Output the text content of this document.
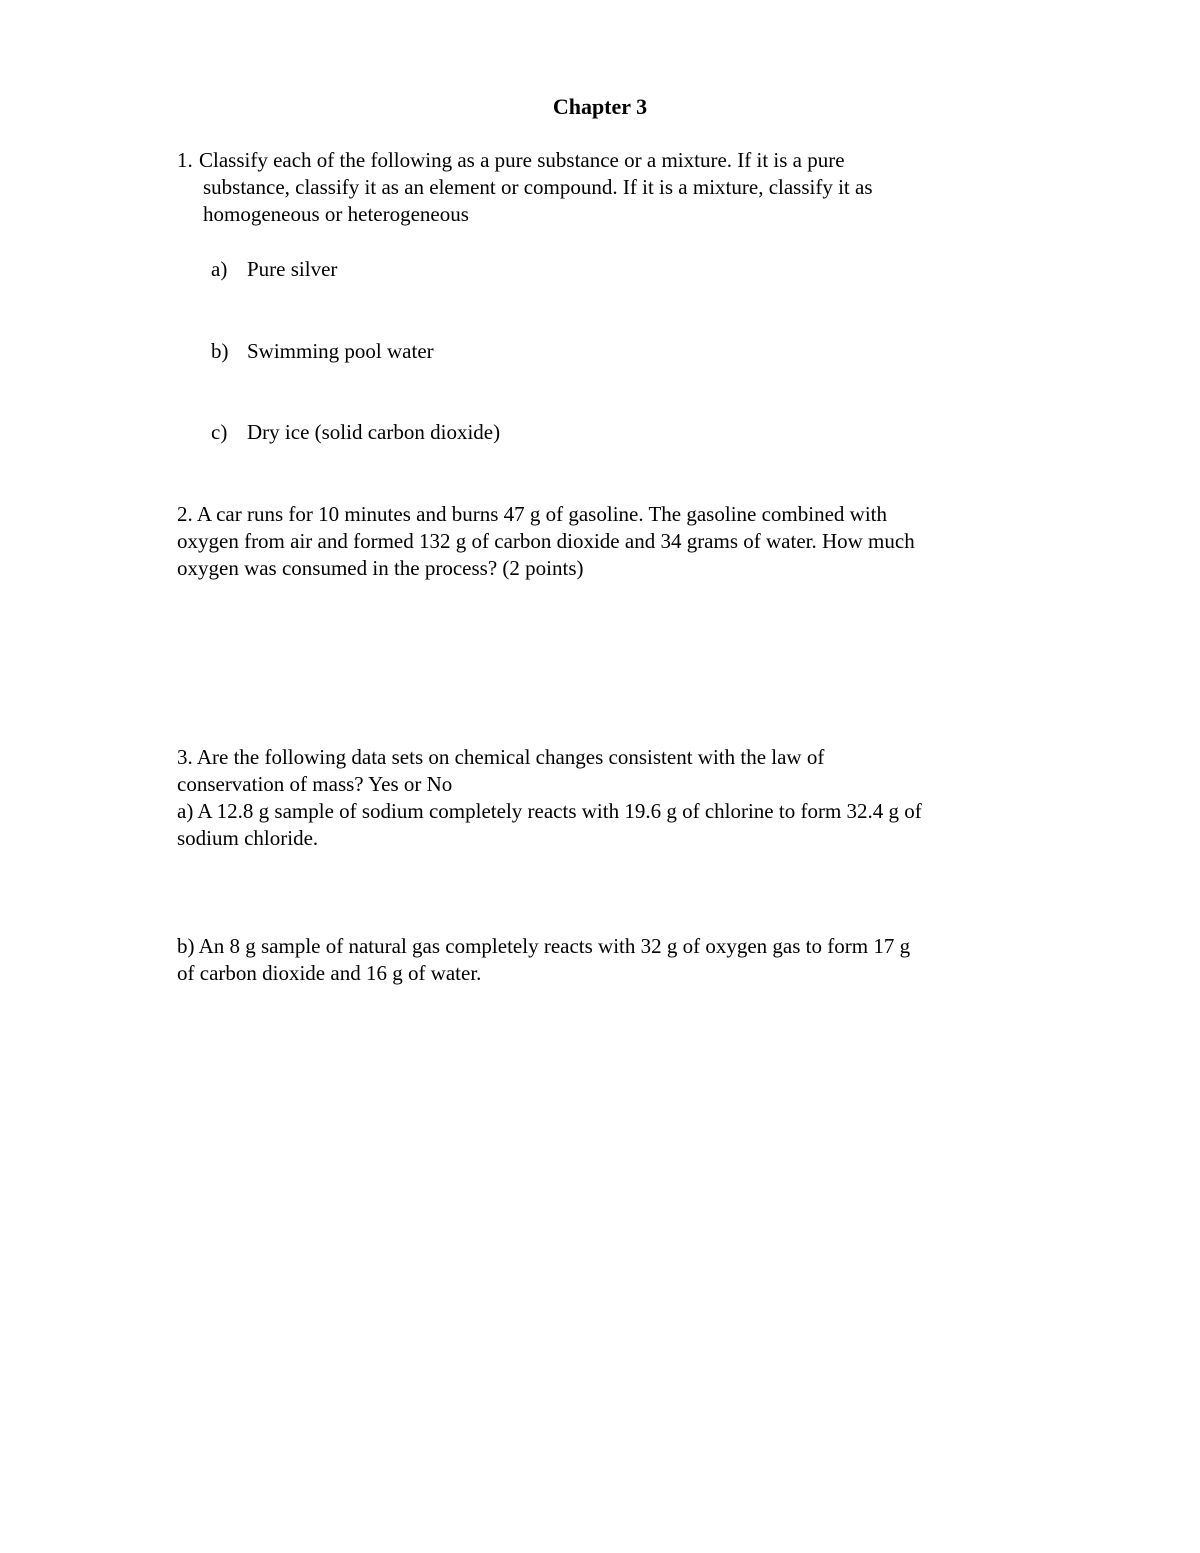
Chapter 3
1. Classify each of the following as a pure substance or a mixture. If it is a pure
substance, classify it as an element or compound. If it is a mixture, classify it as
homogeneous or heterogeneous
a) Pure silver
b) Swimming pool water
c) Dry ice (solid carbon dioxide)
2. A car runs for 10 minutes and burns 47 g of gasoline. The gasoline combined with
oxygen from air and formed 132 g of carbon dioxide and 34 grams of water. How much
oxygen was consumed in the process? (2 points)
3. Are the following data sets on chemical changes consistent with the law of
conservation of mass? Yes or No
a) A 12.8 g sample of sodium completely reacts with 19.6 g of chlorine to form 32.4 g of
sodium chloride.
b) An 8 g sample of natural gas completely reacts with 32 g of oxygen gas to form 17 g
of carbon dioxide and 16 g of water.
